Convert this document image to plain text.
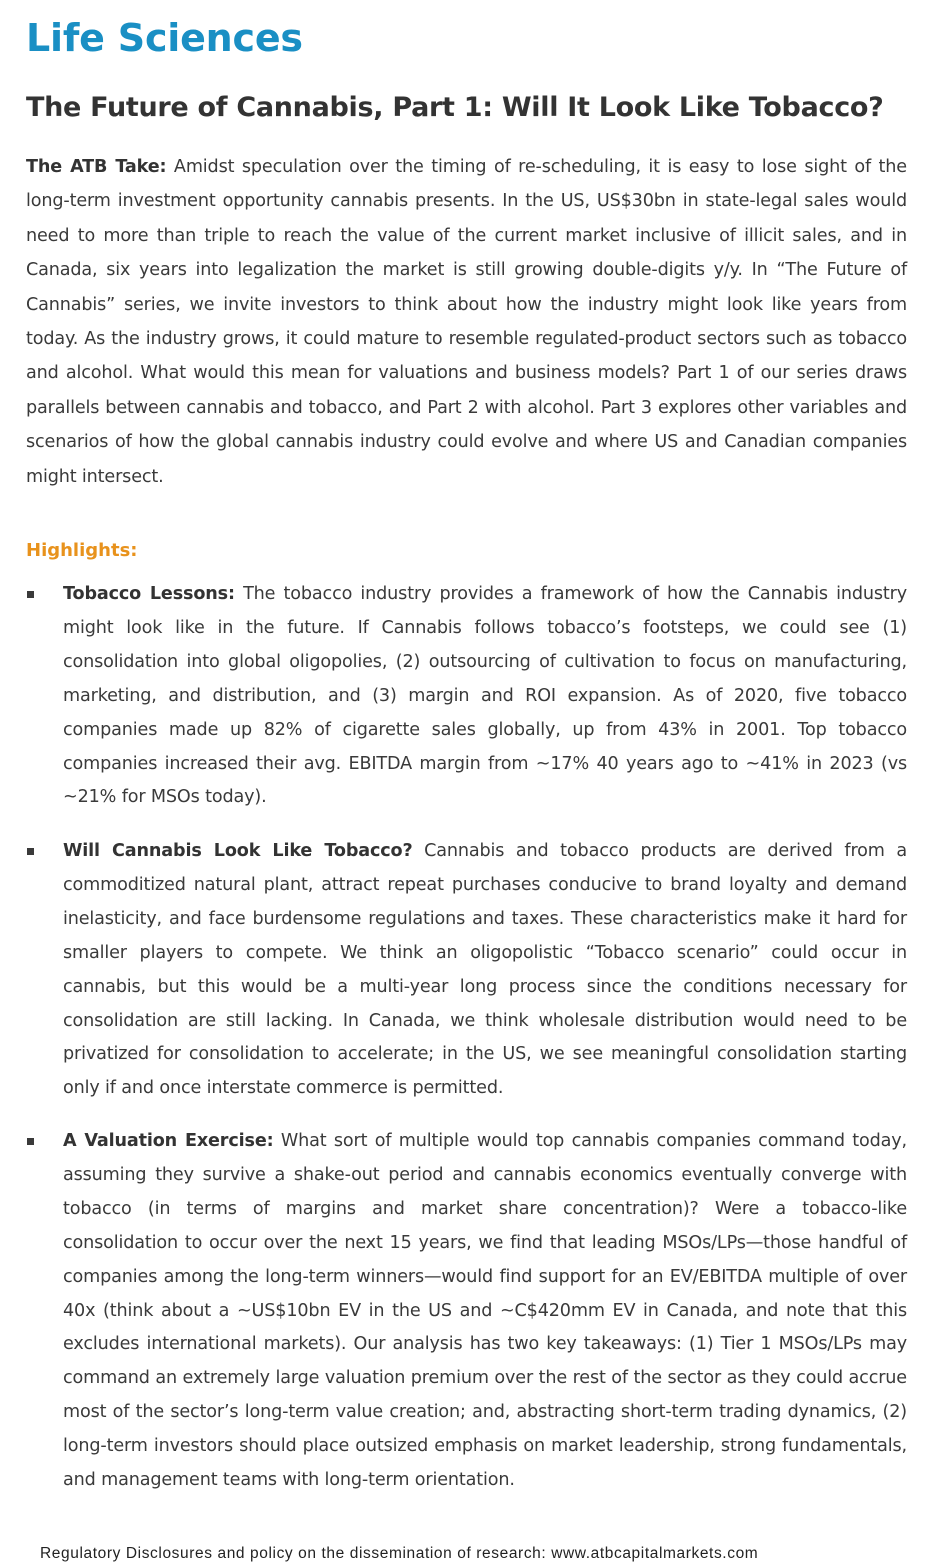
Life Sciences
The Future of Cannabis, Part 1: Will It Look Like Tobacco?

The ATB Take: Amidst speculation over the timing of re-scheduling, it is easy to lose sight of the long-term investment opportunity cannabis presents. In the US, US$30bn in state-legal sales would need to more than triple to reach the value of the current market inclusive of illicit sales, and in Canada, six years into legalization the market is still growing double-digits y/y. In “The Future of Cannabis” series, we invite investors to think about how the industry might look like years from today. As the industry grows, it could mature to resemble regulated-product sectors such as tobacco and alcohol. What would this mean for valuations and business models? Part 1 of our series draws parallels between cannabis and tobacco, and Part 2 with alcohol. Part 3 explores other variables and scenarios of how the global cannabis industry could evolve and where US and Canadian companies might intersect.

Highlights:

Tobacco Lessons: The tobacco industry provides a framework of how the Cannabis industry might look like in the future. If Cannabis follows tobacco’s footsteps, we could see (1) consolidation into global oligopolies, (2) outsourcing of cultivation to focus on manufacturing, marketing, and distribution, and (3) margin and ROI expansion. As of 2020, five tobacco companies made up 82% of cigarette sales globally, up from 43% in 2001. Top tobacco companies increased their avg. EBITDA margin from ~17% 40 years ago to ~41% in 2023 (vs ~21% for MSOs today).

Will Cannabis Look Like Tobacco? Cannabis and tobacco products are derived from a commoditized natural plant, attract repeat purchases conducive to brand loyalty and demand inelasticity, and face burdensome regulations and taxes. These characteristics make it hard for smaller players to compete. We think an oligopolistic “Tobacco scenario” could occur in cannabis, but this would be a multi-year long process since the conditions necessary for consolidation are still lacking. In Canada, we think wholesale distribution would need to be privatized for consolidation to accelerate; in the US, we see meaningful consolidation starting only if and once interstate commerce is permitted.

A Valuation Exercise: What sort of multiple would top cannabis companies command today, assuming they survive a shake-out period and cannabis economics eventually converge with tobacco (in terms of margins and market share concentration)? Were a tobacco-like consolidation to occur over the next 15 years, we find that leading MSOs/LPs—those handful of companies among the long-term winners—would find support for an EV/EBITDA multiple of over 40x (think about a ~US$10bn EV in the US and ~C$420mm EV in Canada, and note that this excludes international markets). Our analysis has two key takeaways: (1) Tier 1 MSOs/LPs may command an extremely large valuation premium over the rest of the sector as they could accrue most of the sector’s long-term value creation; and, abstracting short-term trading dynamics, (2) long-term investors should place outsized emphasis on market leadership, strong fundamentals, and management teams with long-term orientation.

Regulatory Disclosures and policy on the dissemination of research: www.atbcapitalmarkets.com
